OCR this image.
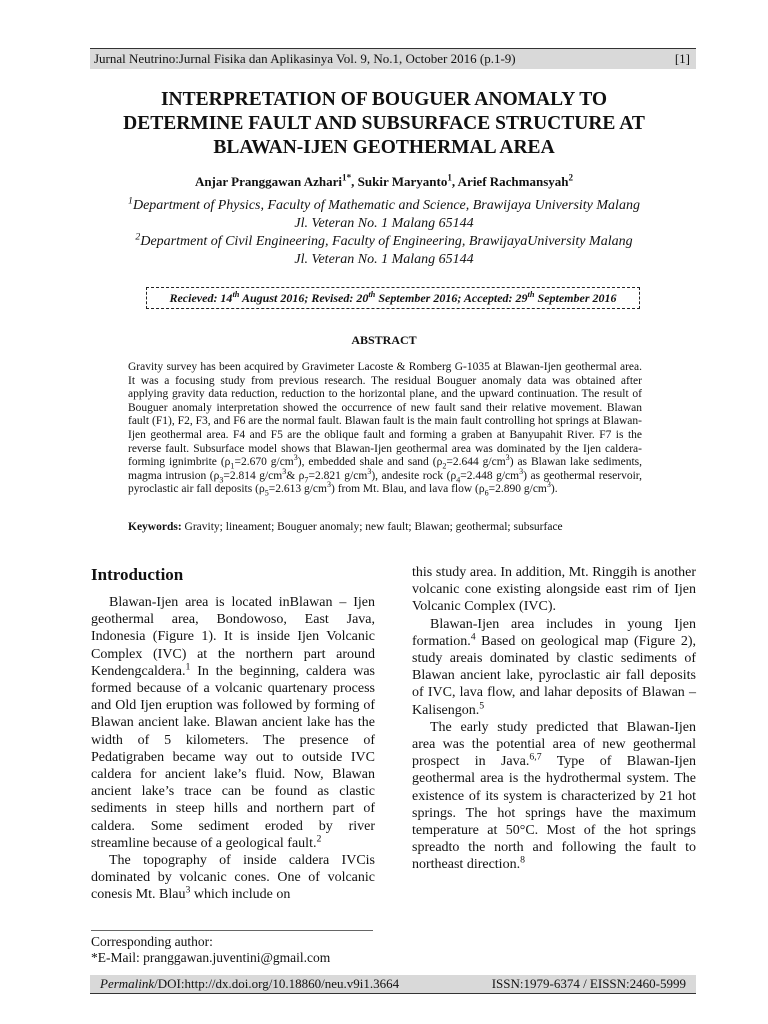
Jurnal Neutrino:Jurnal Fisika dan Aplikasinya Vol. 9, No.1, October 2016 (p.1-9)	[1]
INTERPRETATION OF BOUGUER ANOMALY TO
DETERMINE FAULT AND SUBSURFACE STRUCTURE AT
BLAWAN-IJEN GEOTHERMAL AREA
Anjar Pranggawan Azhari$^{1*}$, Sukir Maryanto$^1$, Arief Rachmansyah$^2$
$^1$Department of Physics, Faculty of Mathematic and Science, Brawijaya University Malang
Jl. Veteran No. 1 Malang 65144
$^2$Department of Civil Engineering, Faculty of Engineering, BrawijayaUniversity Malang
Jl. Veteran No. 1 Malang 65144
Recieved: 14th August 2016; Revised: 20th September 2016; Accepted: 29th September 2016
ABSTRACT
Gravity survey has been acquired by Gravimeter Lacoste & Romberg G-1035 at Blawan-Ijen geothermal area. It was a focusing study from previous research. The residual Bouguer anomaly data was obtained after applying gravity data reduction, reduction to the horizontal plane, and the upward continuation. The result of Bouguer anomaly interpretation showed the occurrence of new fault sand their relative movement. Blawan fault (F1), F2, F3, and F6 are the normal fault. Blawan fault is the main fault controlling hot springs at Blawan-Ijen geothermal area. F4 and F5 are the oblique fault and forming a graben at Banyupahit River. F7 is the reverse fault. Subsurface model shows that Blawan-Ijen geothermal area was dominated by the Ijen caldera-forming ignimbrite ($\rho_1=2.670$ $g/cm^3$), embedded shale and sand ($\rho_2=2.644$ $g/cm^3$) as Blawan lake sediments, magma intrusion ($\rho_3=2.814$ $g/cm^3\&$ $\rho_7=2.821$ $g/cm^3$), andesite rock ($\rho_4=2.448$ $g/cm^3$) as geothermal reservoir, pyroclastic air fall deposits ($\rho_5=2.613$ $g/cm^3$) from Mt. Blau, and lava flow ($\rho_6=2.890$ $g/cm^3$).
Keywords: Gravity; lineament; Bouguer anomaly; new fault; Blawan; geothermal; subsurface
Introduction

Blawan-Ijen area is located inBlawan – Ijen geothermal area, Bondowoso, East Java, Indonesia (Figure 1). It is inside Ijen Volcanic Complex (IVC) at the northern part around Kendengcaldera.$^1$ In the beginning, caldera was formed because of a volcanic quartenary process and Old Ijen eruption was followed by forming of Blawan ancient lake. Blawan ancient lake has the width of 5 kilometers. The presence of Pedatigraben became way out to outside IVC caldera for ancient lake’s fluid. Now, Blawan ancient lake’s trace can be found as clastic sediments in steep hills and northern part of caldera. Some sediment eroded by river streamline because of a geological fault.$^2$

The topography of inside caldera IVCis dominated by volcanic cones. One of volcanic conesis Mt. Blau$^3$ which include on

this study area. In addition, Mt. Ringgih is another volcanic cone existing alongside east rim of Ijen Volcanic Complex (IVC).

Blawan-Ijen area includes in young Ijen formation.$^4$ Based on geological map (Figure 2), study areais dominated by clastic sediments of Blawan ancient lake, pyroclastic air fall deposits of IVC, lava flow, and lahar deposits of Blawan – Kalisengon.$^5$

The early study predicted that Blawan-Ijen area was the potential area of new geothermal prospect in Java.$^{6,7}$ Type of Blawan-Ijen geothermal area is the hydrothermal system. The existence of its system is characterized by 21 hot springs. The hot springs have the maximum temperature at 50°C. Most of the hot springs spreadto the north and following the fault to northeast direction.$^8$

Corresponding author:
*E-Mail: pranggawan.juventini@gmail.com
Permalink/DOI:http://dx.doi.org/10.18860/neu.v9i1.3664	ISSN:1979-6374 / EISSN:2460-5999
